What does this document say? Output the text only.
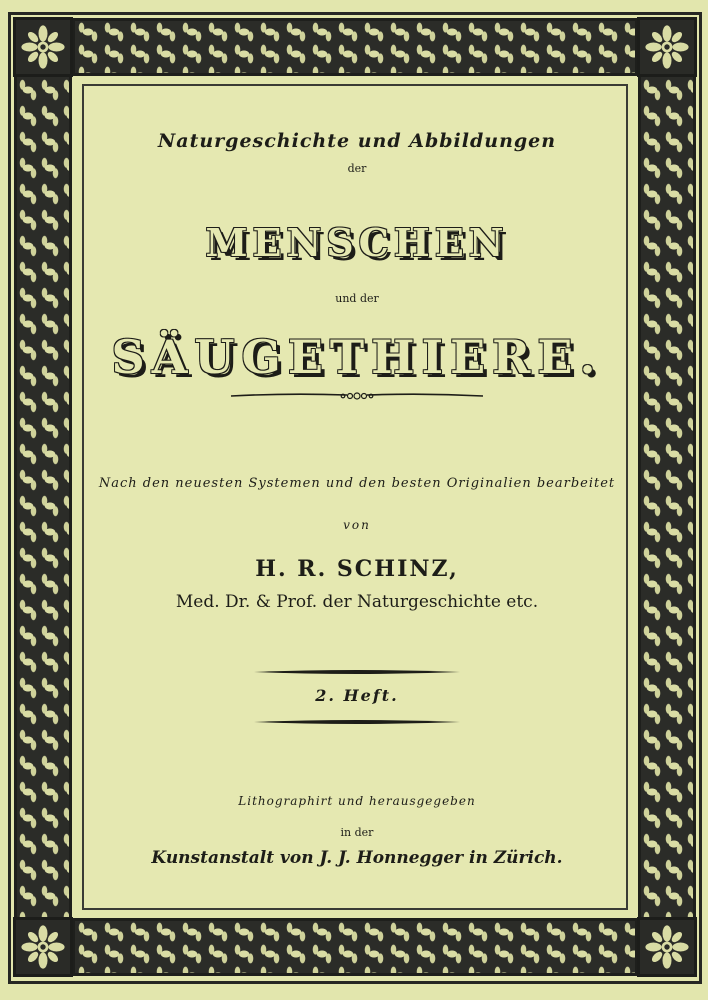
Naturgeschichte und Abbildungen
der
MENSCHEN
und der
SÄUGETHIERE.
Nach den neuesten Systemen und den besten Originalien bearbeitet
von
H. R. SCHINZ,
Med. Dr. & Prof. der Naturgeschichte etc.
2. Heft.
Lithographirt und herausgegeben
in der
Kunstanstalt von J. J. Honnegger in Zürich.
